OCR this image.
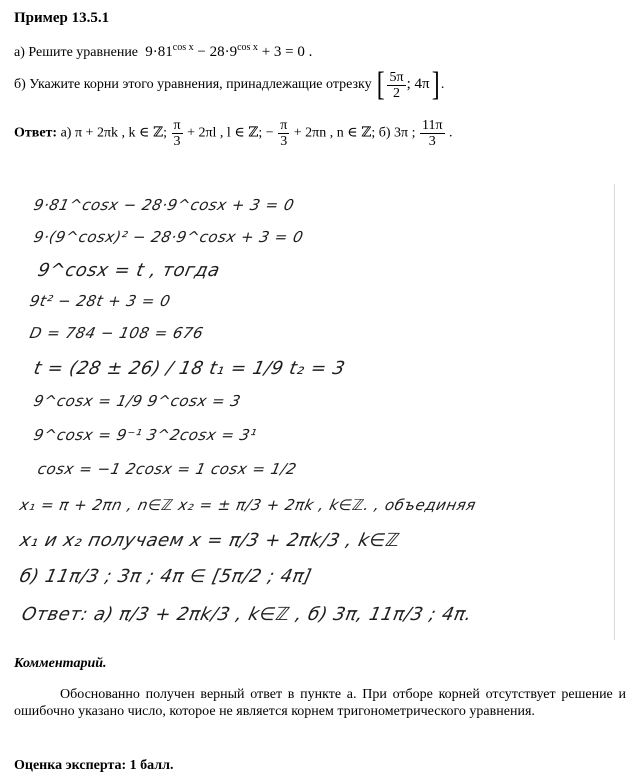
Пример 13.5.1
а) Решите уравнение  $9\cdot 81^{cos x} - 28\cdot 9^{cos x} + 3 = 0$ .
б) Укажите корни этого уравнения, принадлежащие отрезку [ $\frac{5\pi}{2}$ ; 4π] .
Ответ: а) π + 2πk , k ∈ ℤ; $\frac{\pi}{3} + 2\pi l$ , l ∈ ℤ; − $\frac{\pi}{3} + 2\pi n$ , n ∈ ℤ; б) 3π ; $\frac{11\pi}{3}$ .
9·81^cosx − 28·9^cosx + 3 = 0
9·(9^cosx)² − 28·9^cosx + 3 = 0
9^cosx = t , тогда
9t² − 28t + 3 = 0
D = 784 − 108 = 676
t = (28 ± 26) / 18 t₁ = 1/9 t₂ = 3
9^cosx = 1/9 9^cosx = 3
9^cosx = 9⁻¹ 3^2cosx = 3¹
cosx = −1 2cosx = 1 cosx = 1/2
x₁ = π + 2πn , n∈ℤ x₂ = ± π/3 + 2πk , k∈ℤ. , объединяя
x₁ и x₂ получаем x = π/3 + 2πk/3 , k∈ℤ
б) 11π/3 ; 3π ; 4π ∈ [5π/2 ; 4π]
Ответ: а) π/3 + 2πk/3 , k∈ℤ , б) 3π, 11π/3 ; 4π.
Комментарий.
Обоснованно получен верный ответ в пункте а. При отборе корней отсутствует решение и ошибочно указано число, которое не является корнем тригонометрического уравнения.
Оценка эксперта: 1 балл.
